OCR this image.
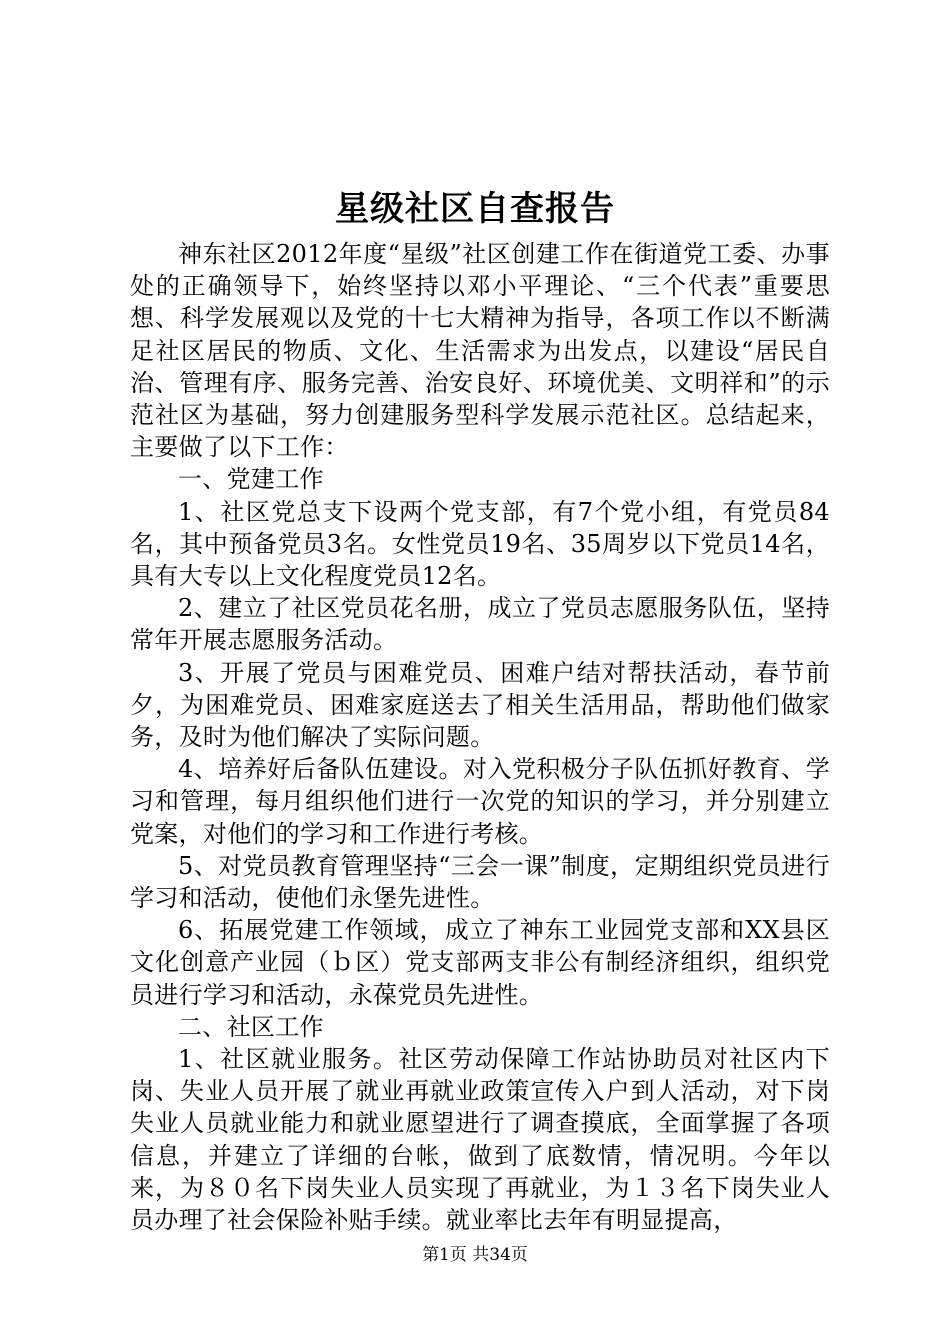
星级社区自查报告

神东社区2012年度“星级”社区创建工作在街道党工委、办事处的正确领导下，始终坚持以邓小平理论、“三个代表”重要思想、科学发展观以及党的十七大精神为指导，各项工作以不断满足社区居民的物质、文化、生活需求为出发点，以建设“居民自治、管理有序、服务完善、治安良好、环境优美、文明祥和”的示范社区为基础，努力创建服务型科学发展示范社区。总结起来，主要做了以下工作：

一、党建工作

1、社区党总支下设两个党支部，有7个党小组，有党员84名，其中预备党员3名。女性党员19名、35周岁以下党员14名，具有大专以上文化程度党员12名。

2、建立了社区党员花名册，成立了党员志愿服务队伍，坚持常年开展志愿服务活动。

3、开展了党员与困难党员、困难户结对帮扶活动，春节前夕，为困难党员、困难家庭送去了相关生活用品，帮助他们做家务，及时为他们解决了实际问题。

4、培养好后备队伍建设。对入党积极分子队伍抓好教育、学习和管理，每月组织他们进行一次党的知识的学习，并分别建立党案，对他们的学习和工作进行考核。

5、对党员教育管理坚持“三会一课”制度，定期组织党员进行学习和活动，使他们永堡先进性。

6、拓展党建工作领域，成立了神东工业园党支部和XX县区文化创意产业园（ｂ区）党支部两支非公有制经济组织，组织党员进行学习和活动，永葆党员先进性。

二、社区工作

1、社区就业服务。社区劳动保障工作站协助员对社区内下岗、失业人员开展了就业再就业政策宣传入户到人活动，对下岗失业人员就业能力和就业愿望进行了调查摸底，全面掌握了各项信息，并建立了详细的台帐，做到了底数情，情况明。今年以来，为８０名下岗失业人员实现了再就业，为１３名下岗失业人员办理了社会保险补贴手续。就业率比去年有明显提高，

第1页 共34页
